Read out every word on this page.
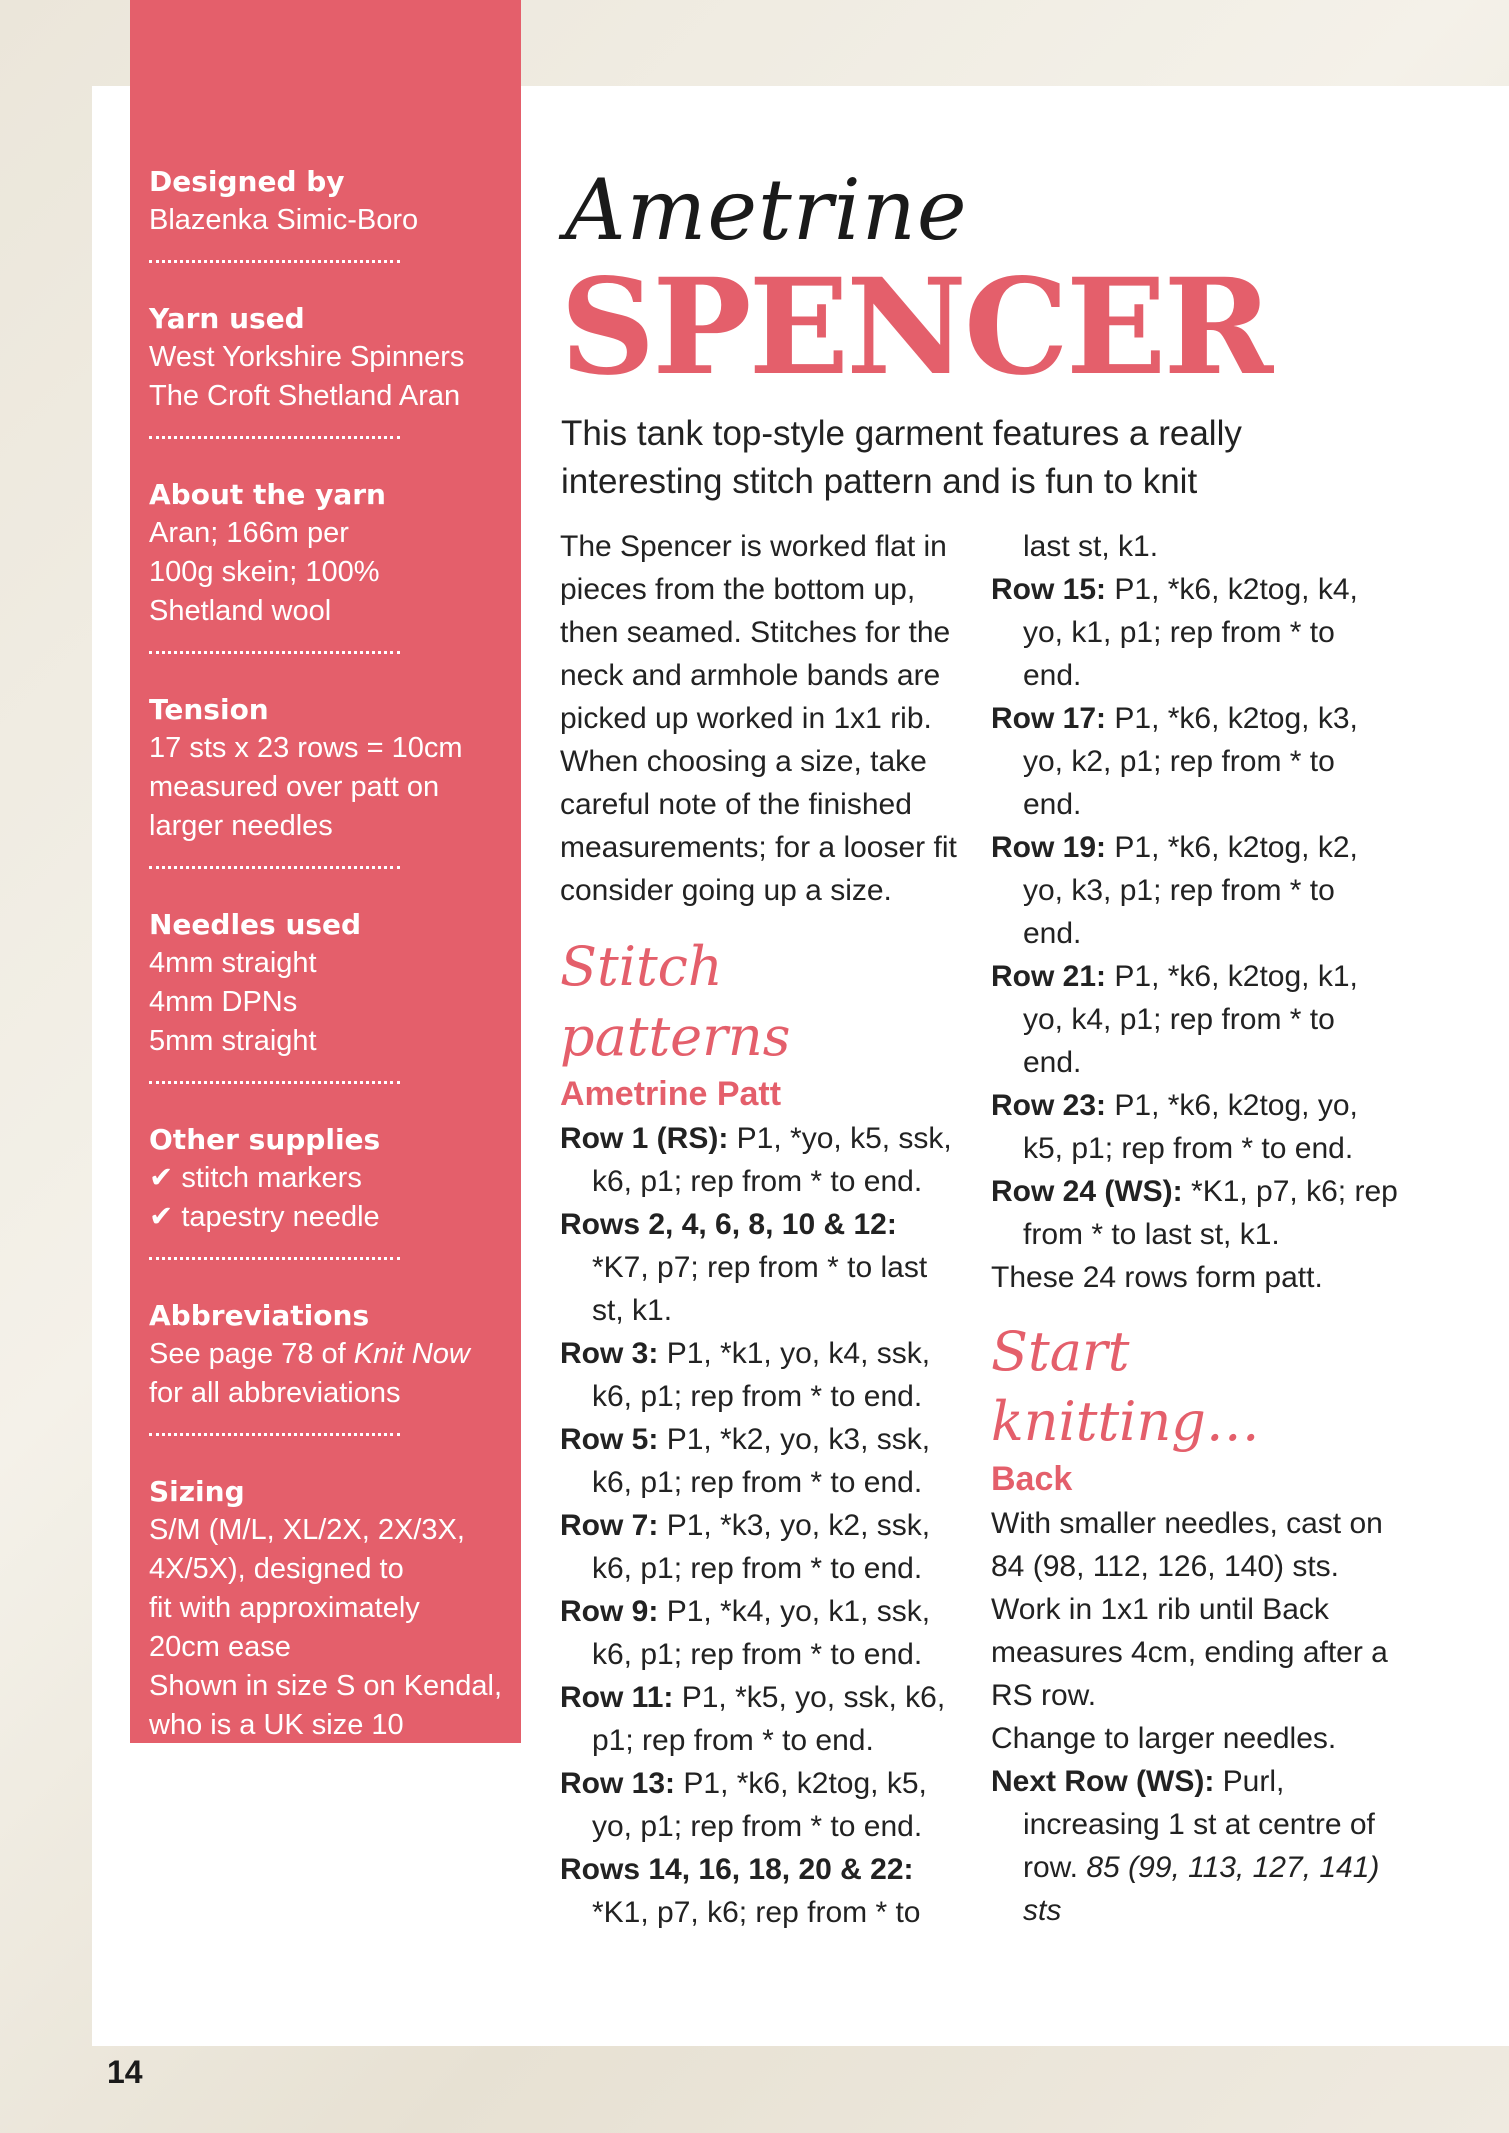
Designed by

Blazenka Simic-Boro

Yarn used

West Yorkshire Spinners

The Croft Shetland Aran

About the yarn

Aran; 166m per

100g skein; 100%

Shetland wool

Tension

17 sts x 23 rows = 10cm

measured over patt on

larger needles

Needles used

4mm straight

4mm DPNs

5mm straight

Other supplies

✔ stitch markers

✔ tapestry needle

Abbreviations

See page 78 of Knit Now

for all abbreviations

Sizing

S/M (M/L, XL/2X, 2X/3X,

4X/5X), designed to

fit with approximately

20cm ease

Shown in size S on Kendal,

who is a UK size 10

Ametrine
SPENCER
This tank top-style garment features a really interesting stitch pattern and is fun to knit

The Spencer is worked flat in pieces from the bottom up, then seamed. Stitches for the neck and armhole bands are picked up worked in 1x1 rib. When choosing a size, take careful note of the finished measurements; for a looser fit consider going up a size.

Stitch patterns

Ametrine Patt

Row 1 (RS): P1, *yo, k5, ssk, k6, p1; rep from * to end.

Rows 2, 4, 6, 8, 10 & 12: *K7, p7; rep from * to last st, k1.

Row 3: P1, *k1, yo, k4, ssk, k6, p1; rep from * to end.

Row 5: P1, *k2, yo, k3, ssk, k6, p1; rep from * to end.

Row 7: P1, *k3, yo, k2, ssk, k6, p1; rep from * to end.

Row 9: P1, *k4, yo, k1, ssk, k6, p1; rep from * to end.

Row 11: P1, *k5, yo, ssk, k6, p1; rep from * to end.

Row 13: P1, *k6, k2tog, k5, yo, p1; rep from * to end.

Rows 14, 16, 18, 20 & 22: *K1, p7, k6; rep from * to

last st, k1.

Row 15: P1, *k6, k2tog, k4, yo, k1, p1; rep from * to end.

Row 17: P1, *k6, k2tog, k3, yo, k2, p1; rep from * to end.

Row 19: P1, *k6, k2tog, k2, yo, k3, p1; rep from * to end.

Row 21: P1, *k6, k2tog, k1, yo, k4, p1; rep from * to end.

Row 23: P1, *k6, k2tog, yo, k5, p1; rep from * to end.

Row 24 (WS): *K1, p7, k6; rep from * to last st, k1.

These 24 rows form patt.

Start knitting…

Back

With smaller needles, cast on 84 (98, 112, 126, 140) sts.

Work in 1x1 rib until Back measures 4cm, ending after a RS row.

Change to larger needles.

Next Row (WS): Purl, increasing 1 st at centre of row. 85 (99, 113, 127, 141) sts

14
